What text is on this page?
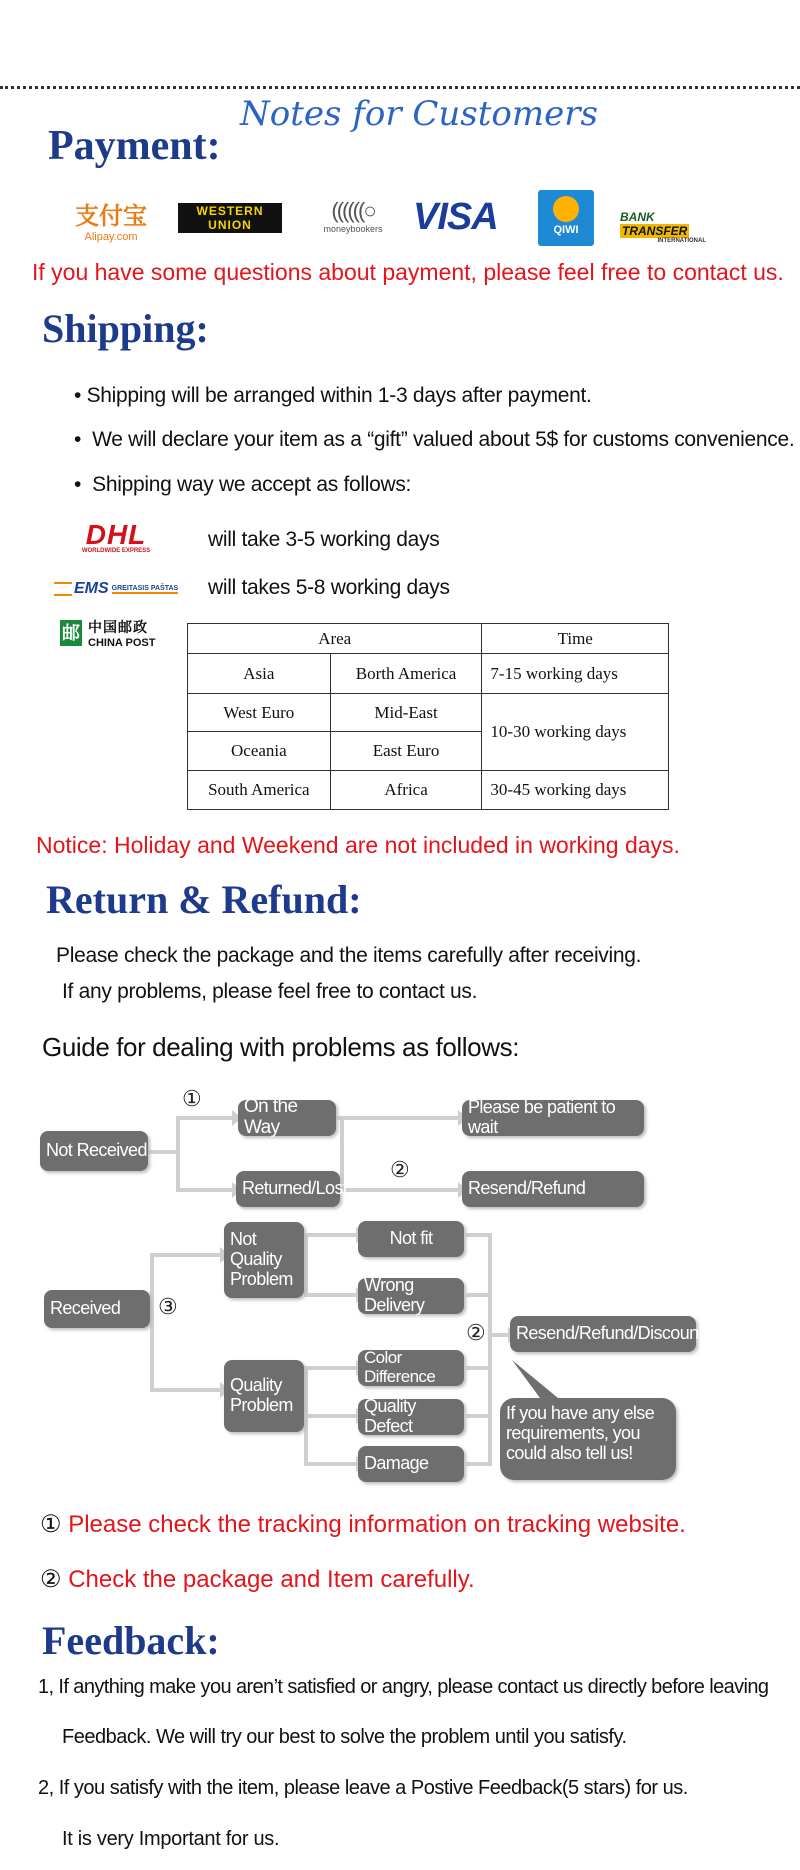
Notes for Customers
Payment:
支付宝
Alipay.com
WESTERN
UNION
((((((○
moneybookers VISA	QIWI
BANK TRANSFER
INTERNATIONAL
If you have some questions about payment, please feel free to contact us.
Shipping:
• Shipping will be arranged within 1-3 days after payment.
•  We will declare your item as a “gift” valued about 5$ for customs convenience.
•  Shipping way we accept as follows:
DHL
WORLDWIDE EXPRESS	will take 3-5 working days
EMS GREITASIS PAŠTAS will takes 5-8 working days
邮 中国邮政
CHINA POST	Area		Time
Asia	Borth America	7-15 working days
West Euro	Mid-East	10-30 working days
Oceania	East Euro	
South America	Africa	30-45 working days
Notice: Holiday and Weekend are not included in working days.
Return & Refund:
Please check the package and the items carefully after receiving.
If any problems, please feel free to contact us.
Guide for dealing with problems as follows:
Not Received
On the Way
Returned/Lost
Please be patient to wait
Resend/Refund
Received
Not Quality Problem
Quality Problem
Not fit
Wrong Delivery
Color Difference
Quality Defect
Damage
Resend/Refund/Discount
If you have any else requirements, you could also tell us!
①
②
③
②
① Please check the tracking information on tracking website.
② Check the package and Item carefully.
Feedback:
1, If anything make you aren’t satisfied or angry, please contact us directly before leaving
Feedback. We will try our best to solve the problem until you satisfy.
2, If you satisfy with the item, please leave a Postive Feedback(5 stars) for us.
It is very Important for us.
